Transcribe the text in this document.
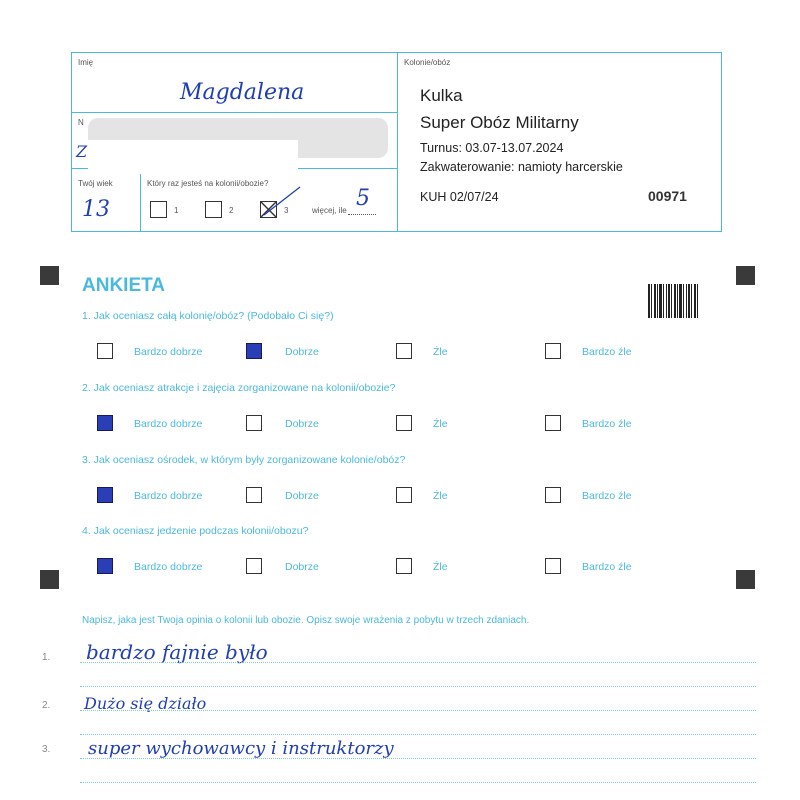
Imię
Magdalena
N
Z
Twój wiek
13
Który raz jesteś na kolonii/obozie?
1	2	3	więcej, ile 5
Kolonie/obóz
Kulka
Super Obóz Militarny
Turnus: 03.07-13.07.2024
Zakwaterowanie: namioty harcerskie
KUH 02/07/24	00971
ANKIETA
1. Jak oceniasz całą kolonię/obóz? (Podobało Ci się?)
Bardzo dobrze	Dobrze	Źle	Bardzo źle
2. Jak oceniasz atrakcje i zajęcia zorganizowane na kolonii/obozie?
Bardzo dobrze	Dobrze	Źle	Bardzo źle
3. Jak oceniasz ośrodek, w którym były zorganizowane kolonie/obóz?
Bardzo dobrze	Dobrze	Źle	Bardzo źle
4. Jak oceniasz jedzenie podczas kolonii/obozu?
Bardzo dobrze	Dobrze	Źle	Bardzo źle
Napisz, jaka jest Twoja opinia o kolonii lub obozie. Opisz swoje wrażenia z pobytu w trzech zdaniach.
1. bardzo fajnie było
2. Dużo się działo
3. super wychowawcy i instruktorzy
